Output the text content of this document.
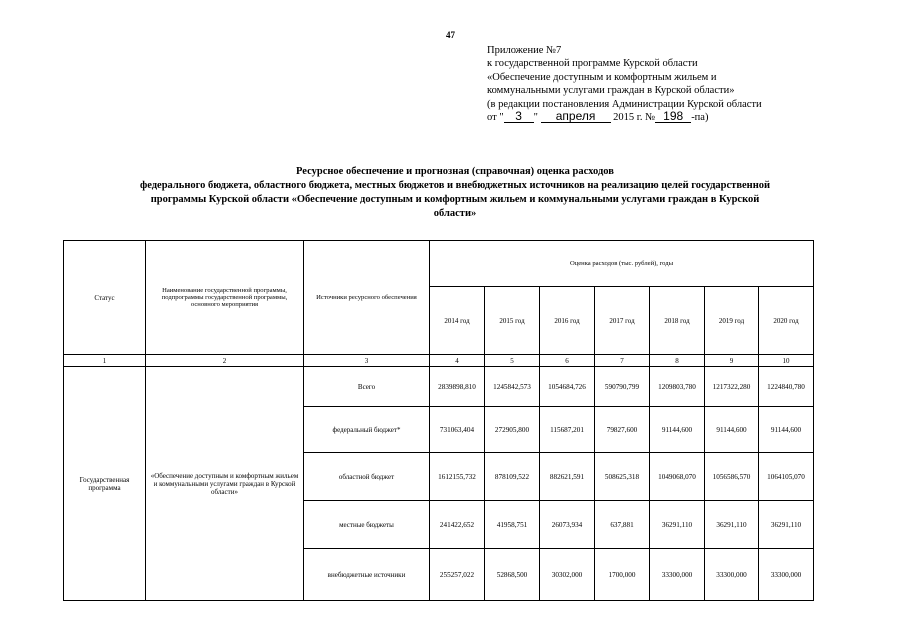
47
Приложение №7
к государственной программе Курской области
«Обеспечение доступным и комфортным жильем и
коммунальными услугами граждан в Курской области»
(в редакции постановления Администрации Курской области
от " 3 " апреля 2015 г. № 198 -па)
Ресурсное обеспечение и прогнозная (справочная) оценка расходов
федерального бюджета, областного бюджета, местных бюджетов и внебюджетных источников на реализацию целей государственной
программы Курской области «Обеспечение доступным и комфортным жильем и коммунальными услугами граждан в Курской
области»
Статус	Наименование государственной программы, подпрограммы государственной программы, основного мероприятия	Источники ресурсного обеспечения	Оценка расходов (тыс. рублей), годы						
			2014 год	2015 год	2016 год	2017 год	2018 год	2019 год	2020 год
1	2	3	4	5	6	7	8	9	10
Государственная программа	«Обеспечение доступным и комфортным жильем и коммунальными услугами граждан в Курской области»	Всего	2839898,810	1245842,573	1054684,726	590790,799	1209803,780	1217322,280	1224840,780
		федеральный бюджет*	731063,404	272905,800	115687,201	79827,600	91144,600	91144,600	91144,600
		областной бюджет	1612155,732	878109,522	882621,591	508625,318	1049068,070	1056586,570	1064105,070
		местные бюджеты	241422,652	41958,751	26073,934	637,881	36291,110	36291,110	36291,110
		внебюджетные источники	255257,022	52868,500	30302,000	1700,000	33300,000	33300,000	33300,000
